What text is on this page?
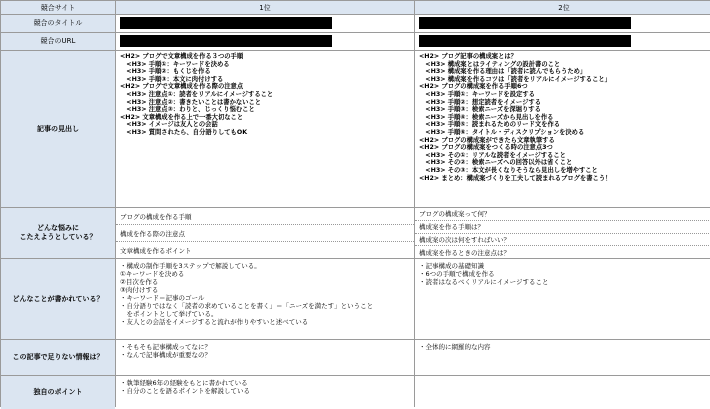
競合サイト	1位	2位
競合のタイトル
競合のURL
記事の見出し
<H2> ブログで文章構成を作る３つの手順
　<H3> 手順①：キーワードを決める
　<H3> 手順②：もくじを作る
　<H3> 手順③：本文に肉付けする
<H2> ブログで文章構成を作る際の注意点
　<H3> 注意点①：読者をリアルにイメージすること
　<H3> 注意点②：書きたいことは書かないこと
　<H3> 注意点③：わりと、じっくり悩むこと
<H2> 文章構成を作る上で一番大切なこと
　<H3> イメージは友人との会話
　<H3> 質問されたら、自分語りしてもOK
<H2> ブログ記事の構成案とは？
　<H3> 構成案とはライティングの設計書のこと
　<H3> 構成案を作る理由は「読者に読んでもらうため」
　<H3> 構成案を作るコツは「読者をリアルにイメージすること」
<H2> ブログの構成案を作る手順6つ
　<H3> 手順①：キーワードを設定する
　<H3> 手順②：想定読者をイメージする
　<H3> 手順③：検索ニーズを深堀りする
　<H3> 手順④：検索ニーズから見出しを作る
　<H3> 手順⑤：読まれるためのリード文を作る
　<H3> 手順⑥：タイトル・ディスクリプションを決める
<H2> ブログの構成案ができたら文章執筆する
<H2> ブログの構成案をつくる時の注意点3つ
　<H3> その①：リアルな読者をイメージすること
　<H3> その②：検索ニーズへの回答以外は省くこと
　<H3> その③：本文が長くなりそうなら見出しを増やすこと
<H2> まとめ：構成案づくりを工夫して読まれるブログを書こう！
どんな悩みに
こたえようとしている？
ブログの構成を作る手順
構成を作る際の注意点
文章構成を作るポイント
ブログの構成案って何？
構成案を作る手順は？
構成案の次は何をすればいい？
構成案を作るときの注意点は？
どんなことが書かれている？
・構成の制作手順を3ステップで解説している。
①キーワードを決める
②目次を作る
③肉付けする
・キーワード＝記事のゴール
・自分語りではなく「読者の求めていることを書く」＝「ニーズを満たす」ということ
　をポイントとして挙げている。
・友人との会話をイメージすると流れが作りやすいと述べている
・記事構成の基礎知識
・6つの手順で構成を作る
・読者はなるべくリアルにイメージすること
この記事で足りない情報は？
・そもそも記事構成ってなに？
・なんで記事構成が重要なの？
・全体的に網羅的な内容
独自のポイント
・執筆経験6年の経験をもとに書かれている
・自分のことを語るポイントを解説している
